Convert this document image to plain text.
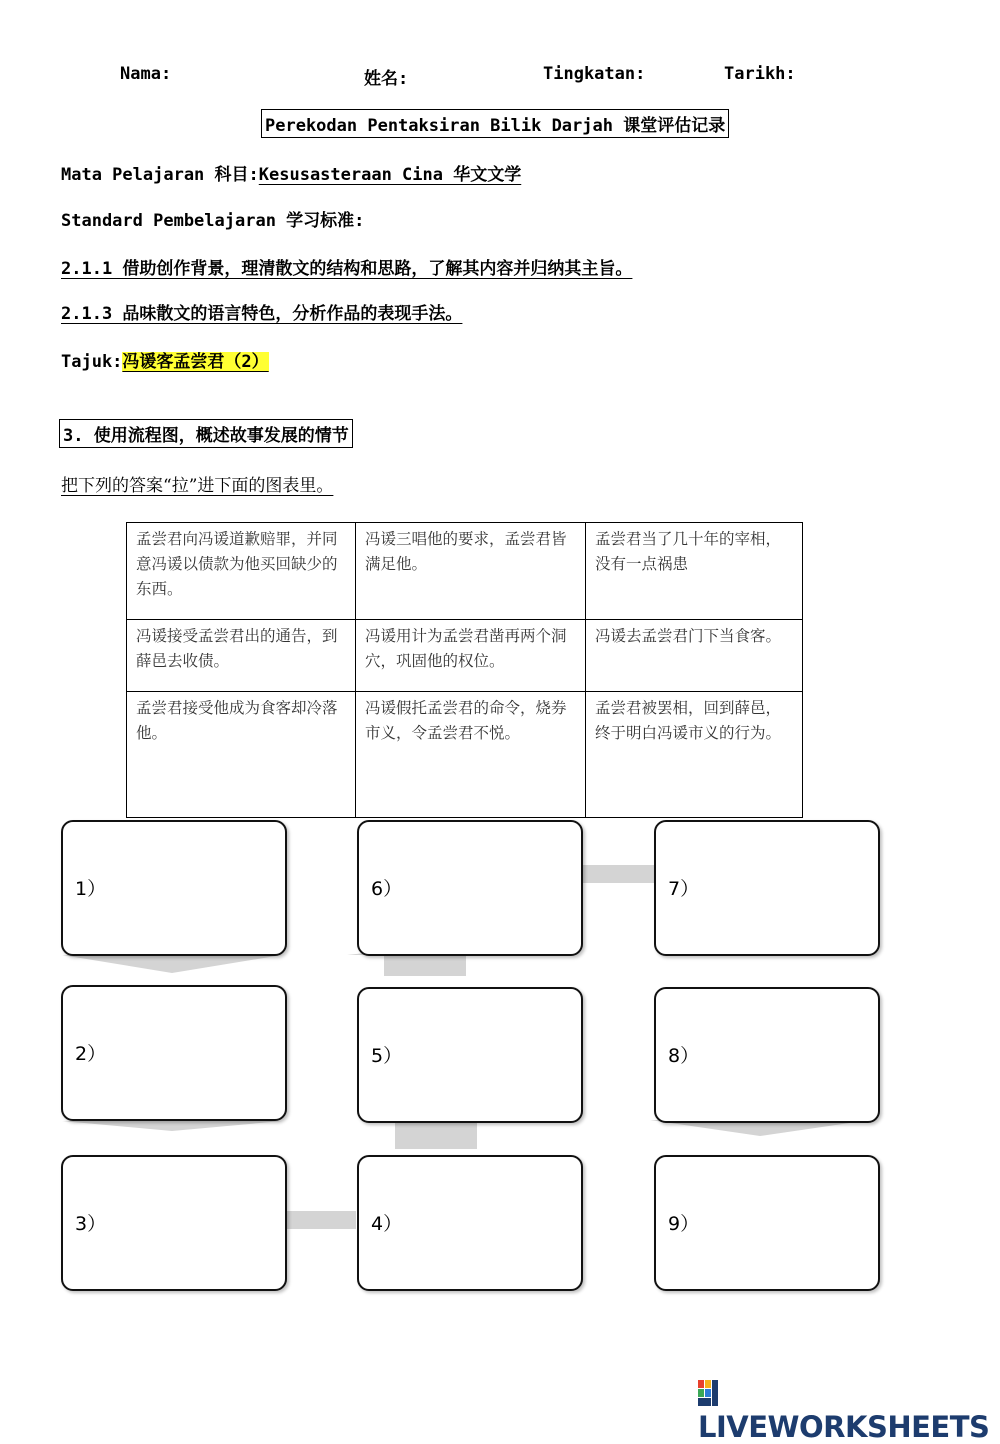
Nama:	姓名:	Tingkatan:	Tarikh:
Perekodan Pentaksiran Bilik Darjah 课堂评估记录
Mata Pelajaran 科目:Kesusasteraan Cina 华文文学
Standard Pembelajaran 学习标准:
2.1.1 借助创作背景，理清散文的结构和思路，了解其内容并归纳其主旨。
2.1.3 品味散文的语言特色，分析作品的表现手法。
Tajuk:冯谖客孟尝君（2）
3. 使用流程图，概述故事发展的情节
把下列的答案“拉”进下面的图表里。
孟尝君向冯谖道歉赔罪，并同意冯谖以债款为他买回缺少的东西。	冯谖三唱他的要求，孟尝君皆满足他。	孟尝君当了几十年的宰相，没有一点祸患
冯谖接受孟尝君出的通告，到薛邑去收债。	冯谖用计为孟尝君凿再两个洞穴，巩固他的权位。	冯谖去孟尝君门下当食客。
孟尝君接受他成为食客却冷落他。	冯谖假托孟尝君的命令，烧券市义，令孟尝君不悦。	孟尝君被罢相，回到薛邑，终于明白冯谖市义的行为。
1）
2）
3）	4）
5）
6）	7）
8）
9）
LIVEWORKSHEETS
